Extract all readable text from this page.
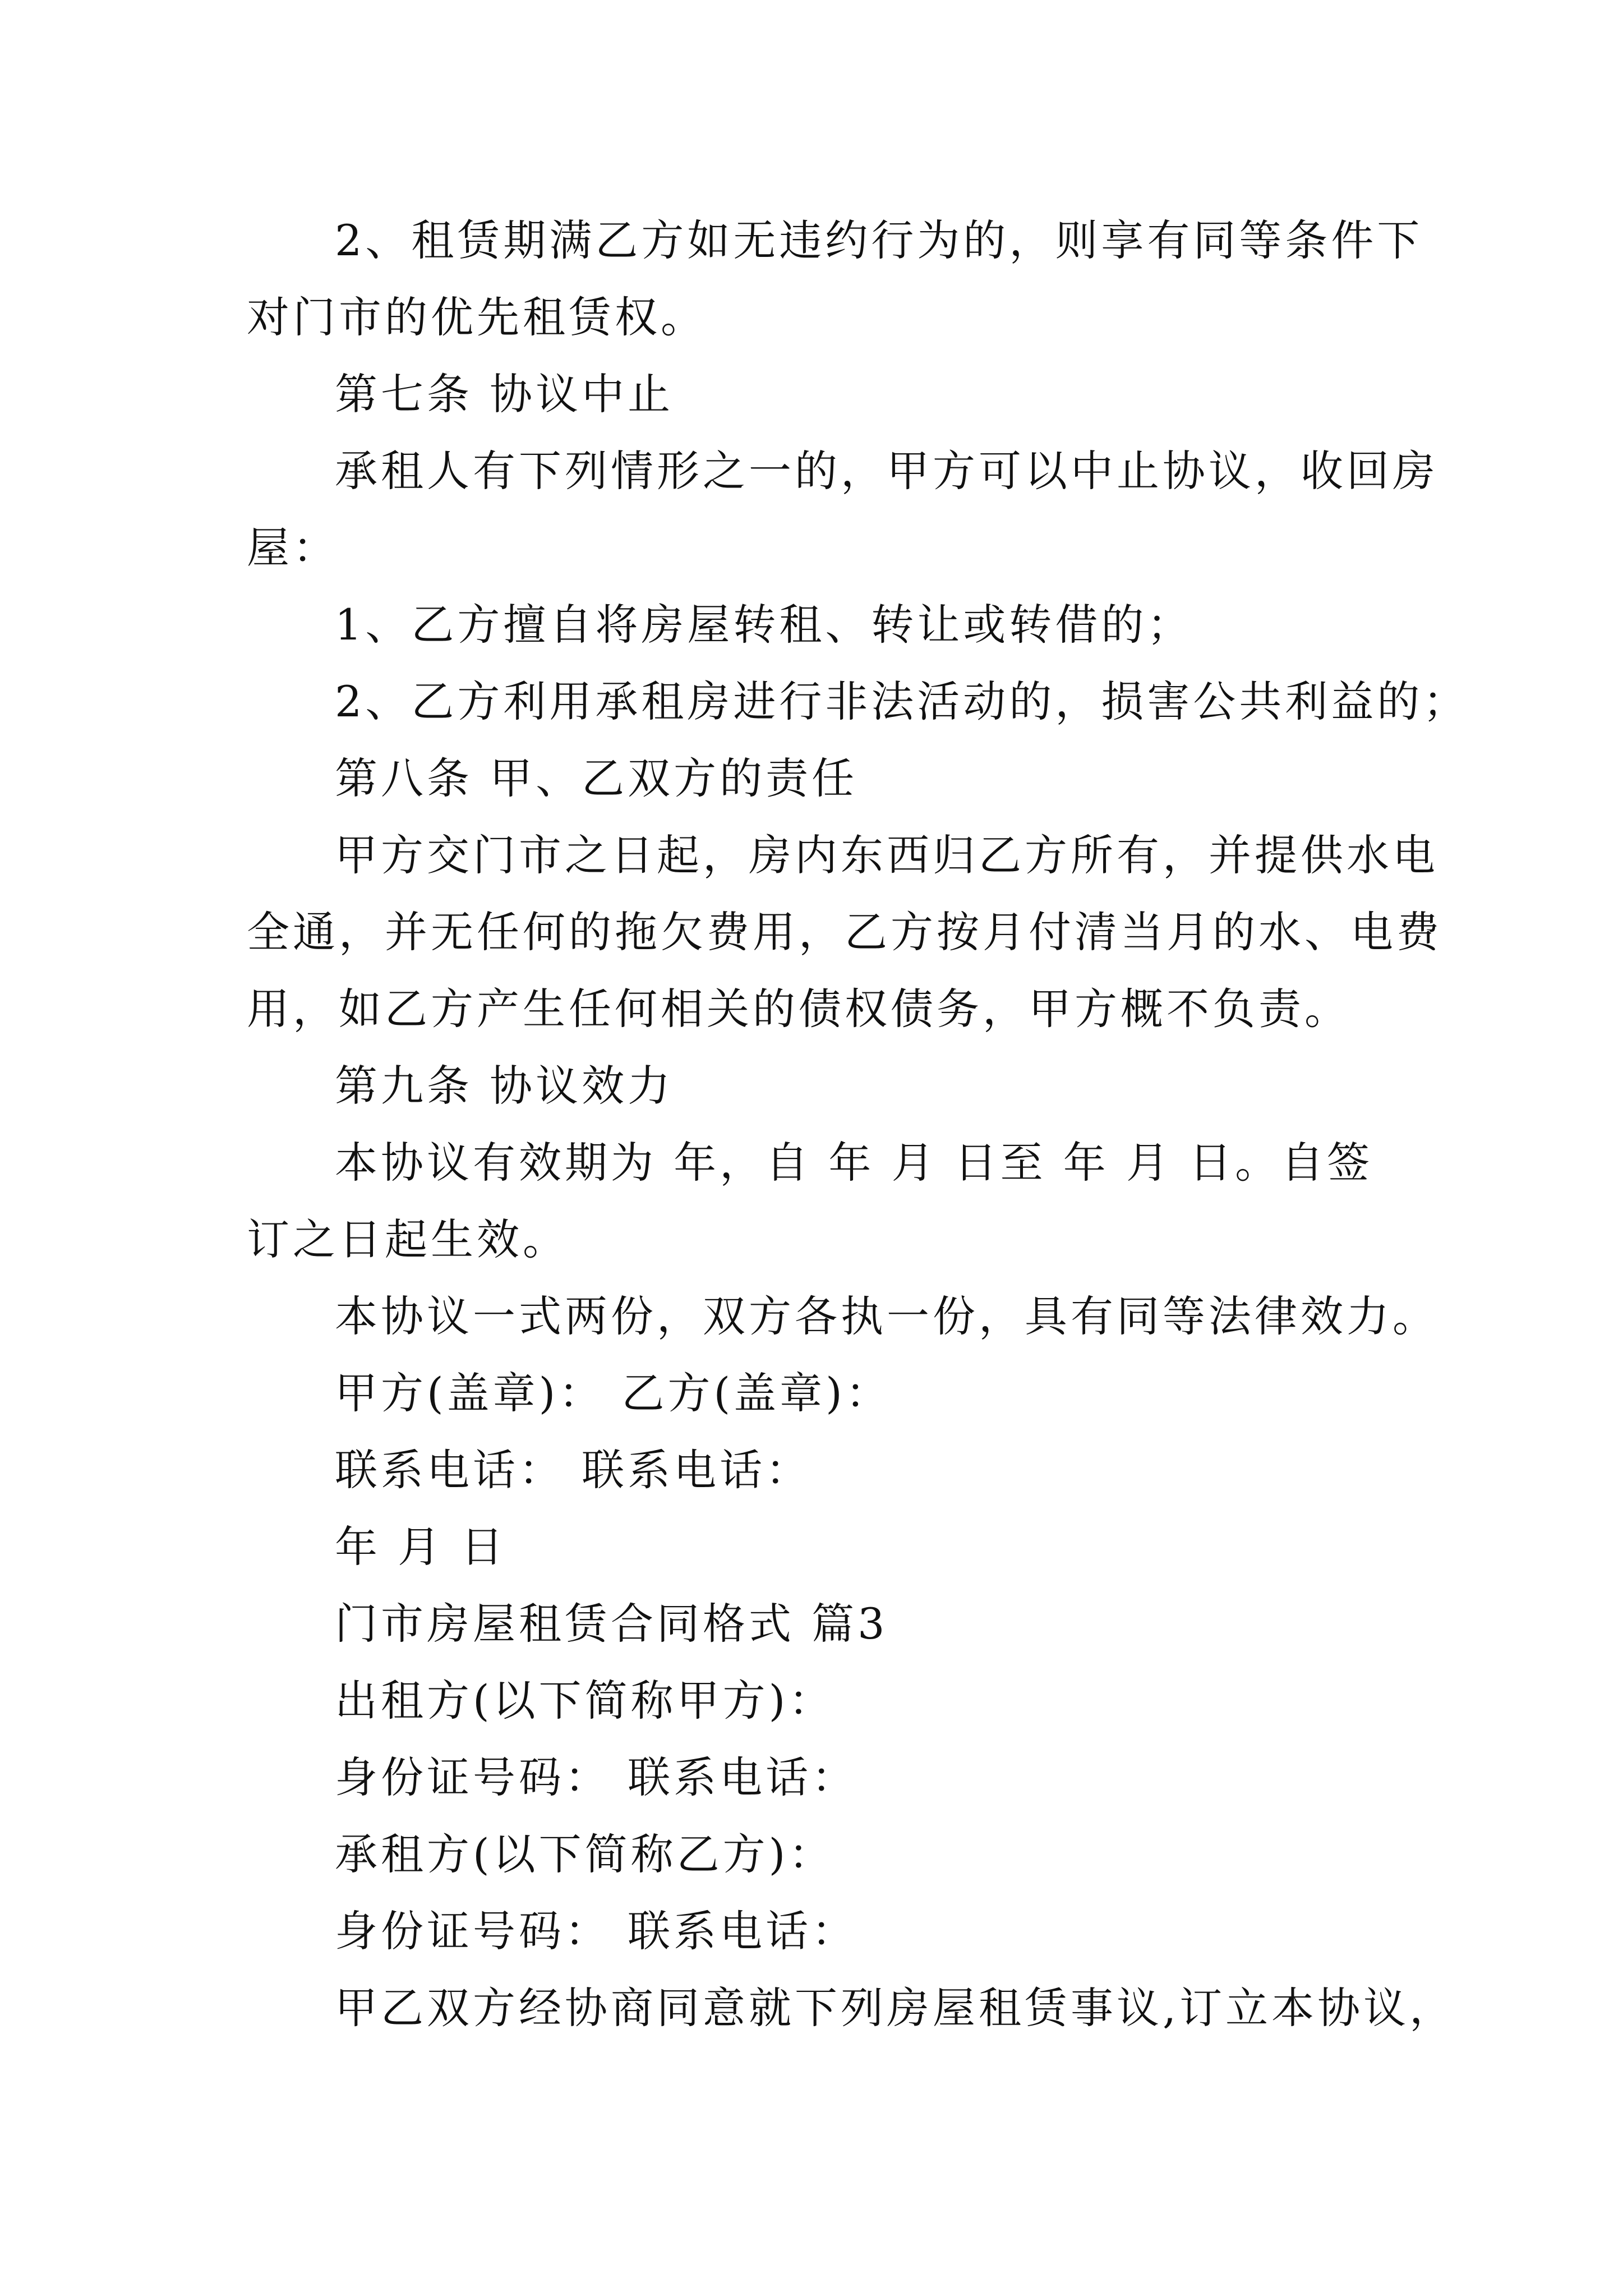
2、租赁期满乙方如无违约行为的，则享有同等条件下
对门市的优先租赁权。
第七条 协议中止
承租人有下列情形之一的，甲方可以中止协议，收回房
屋：
1、乙方擅自将房屋转租、转让或转借的；
2、乙方利用承租房进行非法活动的，损害公共利益的；
第八条 甲、乙双方的责任
甲方交门市之日起，房内东西归乙方所有，并提供水电
全通，并无任何的拖欠费用，乙方按月付清当月的水、电费
用，如乙方产生任何相关的债权债务，甲方概不负责。
第九条 协议效力
本协议有效期为 年，自 年 月 日至 年 月 日。自签
订之日起生效。
本协议一式两份，双方各执一份，具有同等法律效力。
甲方(盖章)： 乙方(盖章)：
联系电话： 联系电话：
年 月 日
门市房屋租赁合同格式 篇3
出租方(以下简称甲方)：
身份证号码： 联系电话：
承租方(以下简称乙方)：
身份证号码： 联系电话：
甲乙双方经协商同意就下列房屋租赁事议,订立本协议，
